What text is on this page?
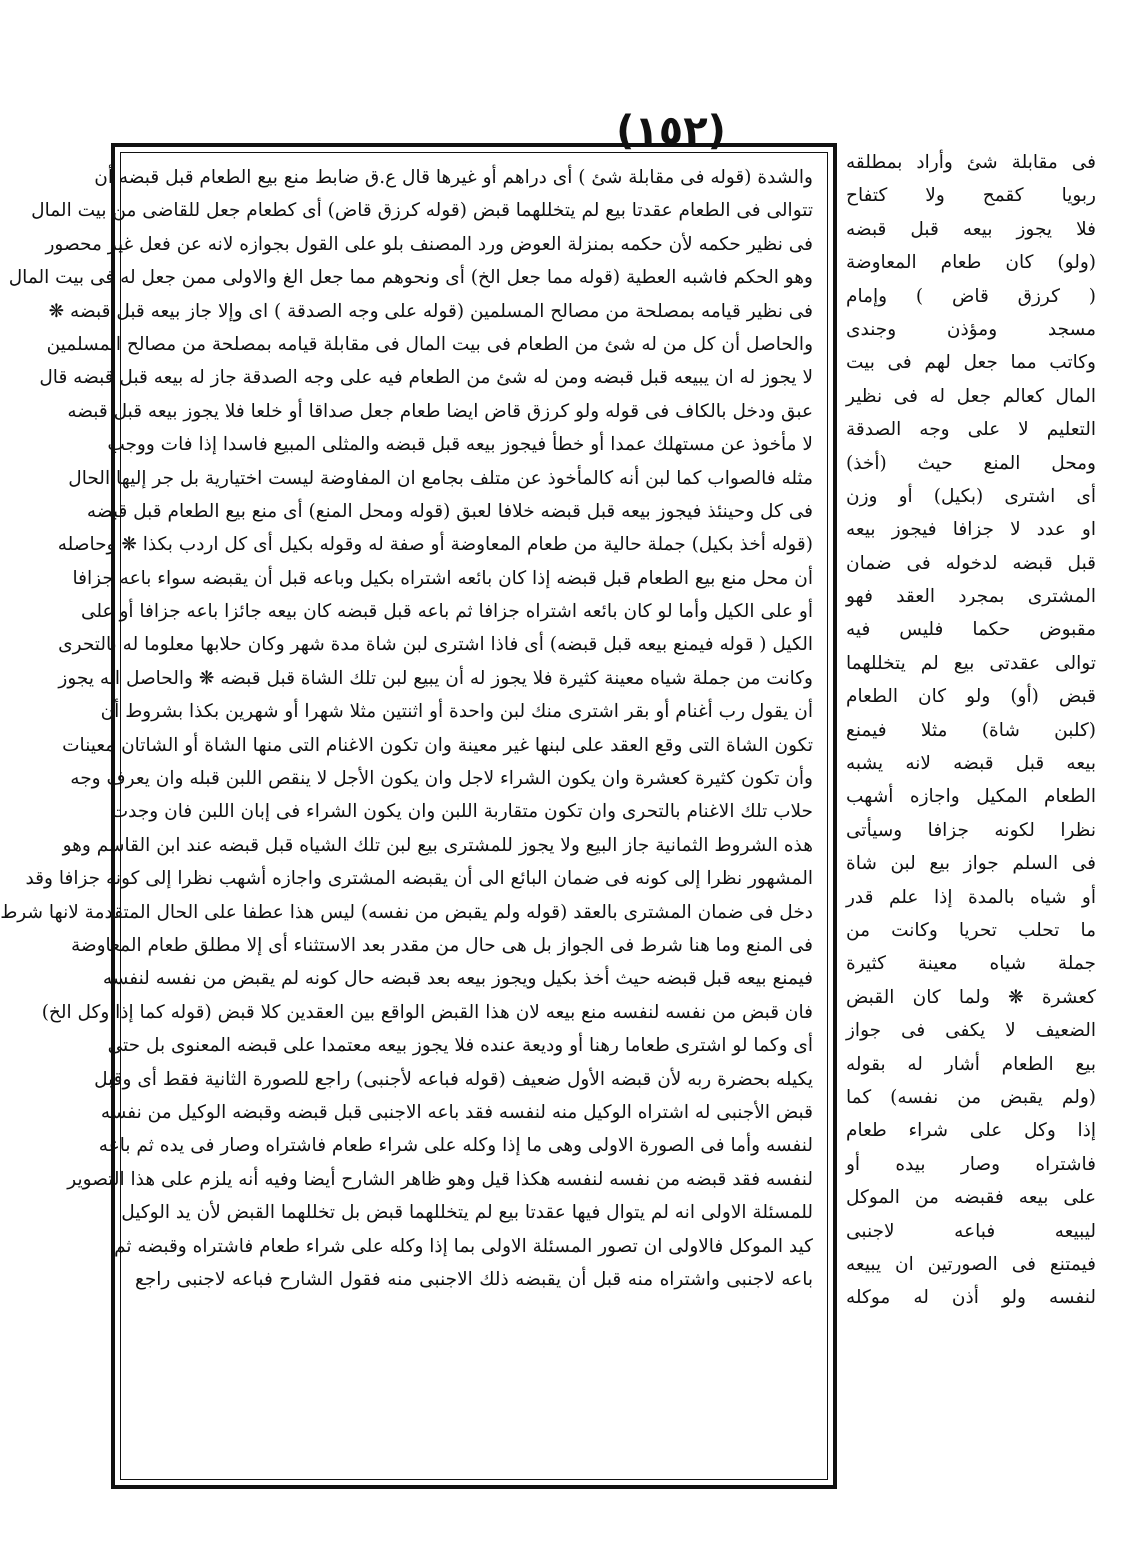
(١٥٢)
والشدة (قوله فى مقابلة شئ ) أى دراهم أو غيرها قال ع.ق ضابط منع بيع الطعام قبل قبضه أن
تتوالى فى الطعام عقدتا بيع لم يتخللهما قبض (قوله كرزق قاض) أى كطعام جعل للقاضى من بيت المال
فى نظير حكمه لأن حكمه بمنزلة العوض ورد المصنف بلو على القول بجوازه لانه عن فعل غير محصور
وهو الحكم فاشبه العطية (قوله مما جعل الخ) أى ونحوهم مما جعل الغ والاولى ممن جعل له فى بيت المال
فى نظير قيامه بمصلحة من مصالح المسلمين (قوله على وجه الصدقة ) اى وإلا جاز بيعه قبل قبضه ❋
والحاصل أن كل من له شئ من الطعام فى بيت المال فى مقابلة قيامه بمصلحة من مصالح المسلمين
لا يجوز له ان يبيعه قبل قبضه ومن له شئ من الطعام فيه على وجه الصدقة جاز له بيعه قبل قبضه قال
عبق ودخل بالكاف فى قوله ولو كرزق قاض ايضا طعام جعل صداقا أو خلعا فلا يجوز بيعه قبل قبضه
لا مأخوذ عن مستهلك عمدا أو خطأ فيجوز بيعه قبل قبضه والمثلى المبيع فاسدا إذا فات ووجب
مثله فالصواب كما لبن أنه كالمأخوذ عن متلف بجامع ان المفاوضة ليست اختيارية بل جر إليها الحال
فى كل وحينئذ فيجوز بيعه قبل قبضه خلافا لعبق (قوله ومحل المنع) أى منع بيع الطعام قبل قبضه
(قوله أخذ بكيل) جملة حالية من طعام المعاوضة أو صفة له وقوله بكيل أى كل اردب بكذا ❋ وحاصله
أن محل منع بيع الطعام قبل قبضه إذا كان بائعه اشتراه بكيل وباعه قبل أن يقبضه سواء باعه جزافا
أو على الكيل وأما لو كان بائعه اشتراه جزافا ثم باعه قبل قبضه كان بيعه جائزا باعه جزافا أو على
الكيل ( قوله فيمنع بيعه قبل قبضه) أى فاذا اشترى لبن شاة مدة شهر وكان حلابها معلوما له بالتحرى
وكانت من جملة شياه معينة كثيرة فلا يجوز له أن يبيع لبن تلك الشاة قبل قبضه ❋ والحاصل انه يجوز
أن يقول رب أغنام أو بقر اشترى منك لبن واحدة أو اثنتين مثلا شهرا أو شهرين بكذا بشروط أن
تكون الشاة التى وقع العقد على لبنها غير معينة وان تكون الاغنام التى منها الشاة أو الشاتان معينات
وأن تكون كثيرة كعشرة وان يكون الشراء لاجل وان يكون الأجل لا ينقص اللبن قبله وان يعرف وجه
حلاب تلك الاغنام بالتحرى وان تكون متقاربة اللبن وان يكون الشراء فى إبان اللبن فان وجدت
هذه الشروط الثمانية جاز البيع ولا يجوز للمشترى بيع لبن تلك الشياه قبل قبضه عند ابن القاسم وهو
المشهور نظرا إلى كونه فى ضمان البائع الى أن يقبضه المشترى واجازه أشهب نظرا إلى كونه جزافا وقد
دخل فى ضمان المشترى بالعقد (قوله ولم يقبض من نفسه) ليس هذا عطفا على الحال المتقدمة لانها شرط
فى المنع وما هنا شرط فى الجواز بل هى حال من مقدر بعد الاستثناء أى إلا مطلق طعام المعاوضة
فيمنع بيعه قبل قبضه حيث أخذ بكيل ويجوز بيعه بعد قبضه حال كونه لم يقبض من نفسه لنفسه
فان قبض من نفسه لنفسه منع بيعه لان هذا القبض الواقع بين العقدين كلا قبض (قوله كما إذا وكل الخ)
أى وكما لو اشترى طعاما رهنا أو وديعة عنده فلا يجوز بيعه معتمدا على قبضه المعنوى بل حتى
يكيله بحضرة ربه لأن قبضه الأول ضعيف (قوله فباعه لأجنبى) راجع للصورة الثانية فقط أى وقبل
قبض الأجنبى له اشتراه الوكيل منه لنفسه فقد باعه الاجنبى قبل قبضه وقبضه الوكيل من نفسه
لنفسه وأما فى الصورة الاولى وهى ما إذا وكله على شراء طعام فاشتراه وصار فى يده ثم باعه
لنفسه فقد قبضه من نفسه لنفسه هكذا قيل وهو ظاهر الشارح أيضا وفيه أنه يلزم على هذا التصوير
للمسئلة الاولى انه لم يتوال فيها عقدتا بيع لم يتخللهما قبض بل تخللهما القبض لأن يد الوكيل
كيد الموكل فالاولى ان تصور المسئلة الاولى بما إذا وكله على شراء طعام فاشتراه وقبضه ثم
باعه لاجنبى واشتراه منه قبل أن يقبضه ذلك الاجنبى منه فقول الشارح فباعه لاجنبى راجع
فى مقابلة شئ وأراد بمطلقه
ربويا كقمح ولا كتفاح
فلا يجوز بيعه قبل قبضه
(ولو) كان طعام المعاوضة
( كرزق قاض ) وإمام
مسجد ومؤذن وجندى
وكاتب مما جعل لهم فى بيت
المال كعالم جعل له فى نظير
التعليم لا على وجه الصدقة
ومحل المنع حيث (أخذ)
أى اشترى (بكيل) أو وزن
او عدد لا جزافا فيجوز بيعه
قبل قبضه لدخوله فى ضمان
المشترى بمجرد العقد فهو
مقبوض حكما فليس فيه
توالى عقدتى بيع لم يتخللهما
قبض (أو) ولو كان الطعام
(كلبن شاة) مثلا فيمنع
بيعه قبل قبضه لانه يشبه
الطعام المكيل واجازه أشهب
نظرا لكونه جزافا وسيأتى
فى السلم جواز بيع لبن شاة
أو شياه بالمدة إذا علم قدر
ما تحلب تحريا وكانت من
جملة شياه معينة كثيرة
كعشرة ❋ ولما كان القبض
الضعيف لا يكفى فى جواز
بيع الطعام أشار له بقوله
(ولم يقبض من نفسه) كما
إذا وكل على شراء طعام
فاشتراه وصار بيده أو
على بيعه فقبضه من الموكل
ليبيعه فباعه لاجنبى
فيمتنع فى الصورتين ان يبيعه
لنفسه ولو أذن له موكله
